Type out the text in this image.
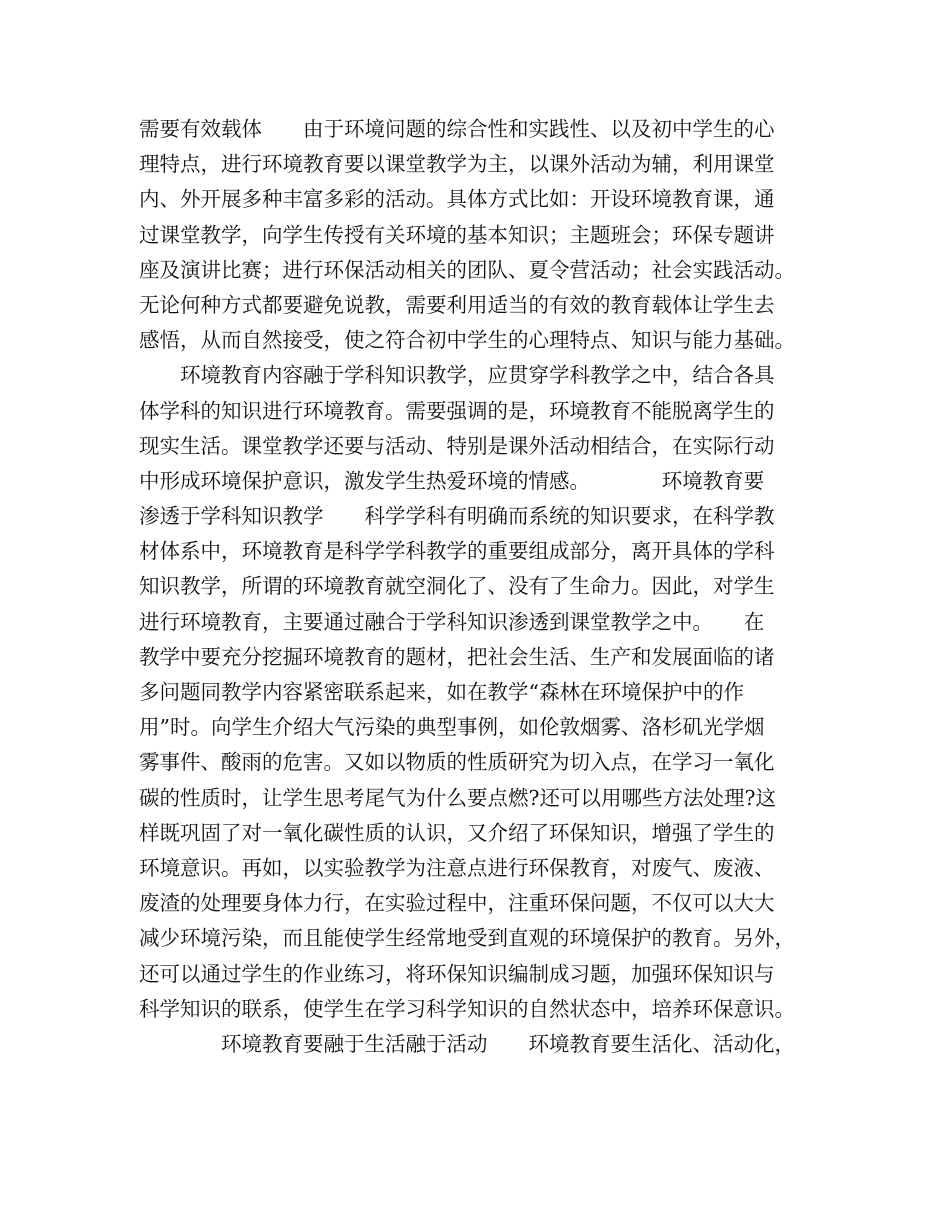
需要有效载体　　由于环境问题的综合性和实践性、以及初中学生的心
理特点，进行环境教育要以课堂教学为主，以课外活动为辅，利用课堂
内、外开展多种丰富多彩的活动。具体方式比如：开设环境教育课，通
过课堂教学，向学生传授有关环境的基本知识；主题班会；环保专题讲
座及演讲比赛；进行环保活动相关的团队、夏令营活动；社会实践活动。
无论何种方式都要避免说教，需要利用适当的有效的教育载体让学生去
感悟，从而自然接受，使之符合初中学生的心理特点、知识与能力基础。
　　环境教育内容融于学科知识教学，应贯穿学科教学之中，结合各具
体学科的知识进行环境教育。需要强调的是，环境教育不能脱离学生的
现实生活。课堂教学还要与活动、特别是课外活动相结合，在实际行动
中形成环境保护意识，激发学生热爱环境的情感。　　　　环境教育要
渗透于学科知识教学　　科学学科有明确而系统的知识要求，在科学教
材体系中，环境教育是科学学科教学的重要组成部分，离开具体的学科
知识教学，所谓的环境教育就空洞化了、没有了生命力。因此，对学生
进行环境教育，主要通过融合于学科知识渗透到课堂教学之中。　　在
教学中要充分挖掘环境教育的题材，把社会生活、生产和发展面临的诸
多问题同教学内容紧密联系起来，如在教学“森林在环境保护中的作
用”时。向学生介绍大气污染的典型事例，如伦敦烟雾、洛杉矶光学烟
雾事件、酸雨的危害。又如以物质的性质研究为切入点，在学习一氧化
碳的性质时，让学生思考尾气为什么要点燃?还可以用哪些方法处理?这
样既巩固了对一氧化碳性质的认识，又介绍了环保知识，增强了学生的
环境意识。再如，以实验教学为注意点进行环保教育，对废气、废液、
废渣的处理要身体力行，在实验过程中，注重环保问题，不仅可以大大
减少环境污染，而且能使学生经常地受到直观的环境保护的教育。另外，
还可以通过学生的作业练习，将环保知识编制成习题，加强环保知识与
科学知识的联系，使学生在学习科学知识的自然状态中，培养环保意识。
　　　　环境教育要融于生活融于活动　　环境教育要生活化、活动化，
